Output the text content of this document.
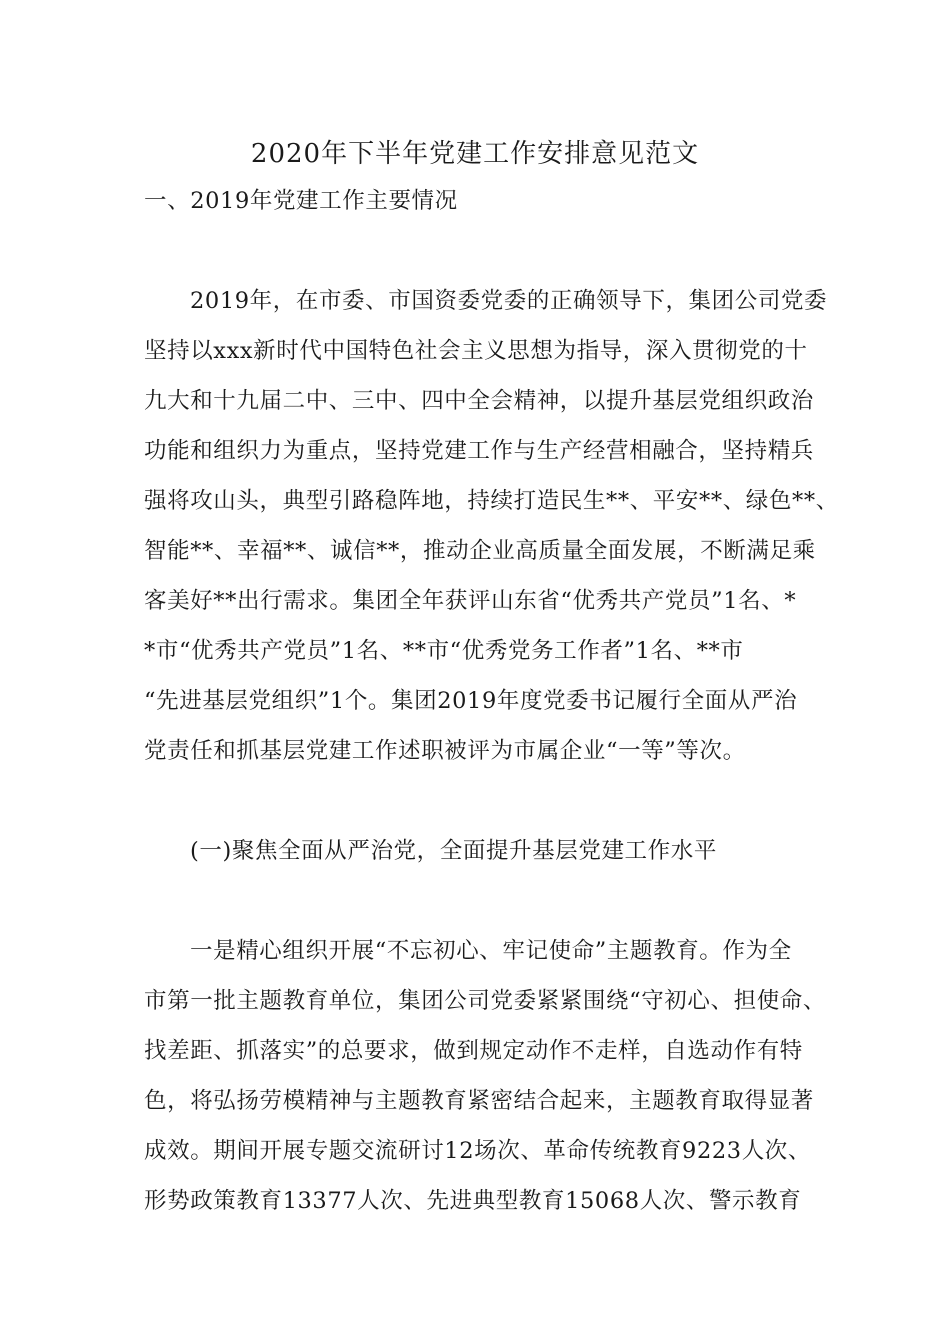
2020年下半年党建工作安排意见范文
一、2019年党建工作主要情况
2019年，在市委、市国资委党委的正确领导下，集团公司党委
坚持以xxx新时代中国特色社会主义思想为指导，深入贯彻党的十
九大和十九届二中、三中、四中全会精神，以提升基层党组织政治
功能和组织力为重点，坚持党建工作与生产经营相融合，坚持精兵
强将攻山头，典型引路稳阵地，持续打造民生**、平安**、绿色**、
智能**、幸福**、诚信**，推动企业高质量全面发展，不断满足乘
客美好**出行需求。集团全年获评山东省“优秀共产党员”1名、*
*市“优秀共产党员”1名、**市“优秀党务工作者”1名、**市
“先进基层党组织”1个。集团2019年度党委书记履行全面从严治
党责任和抓基层党建工作述职被评为市属企业“一等”等次。
(一)聚焦全面从严治党，全面提升基层党建工作水平
一是精心组织开展“不忘初心、牢记使命”主题教育。作为全
市第一批主题教育单位，集团公司党委紧紧围绕“守初心、担使命、
找差距、抓落实”的总要求，做到规定动作不走样，自选动作有特
色，将弘扬劳模精神与主题教育紧密结合起来，主题教育取得显著
成效。期间开展专题交流研讨12场次、革命传统教育9223人次、
形势政策教育13377人次、先进典型教育15068人次、警示教育
